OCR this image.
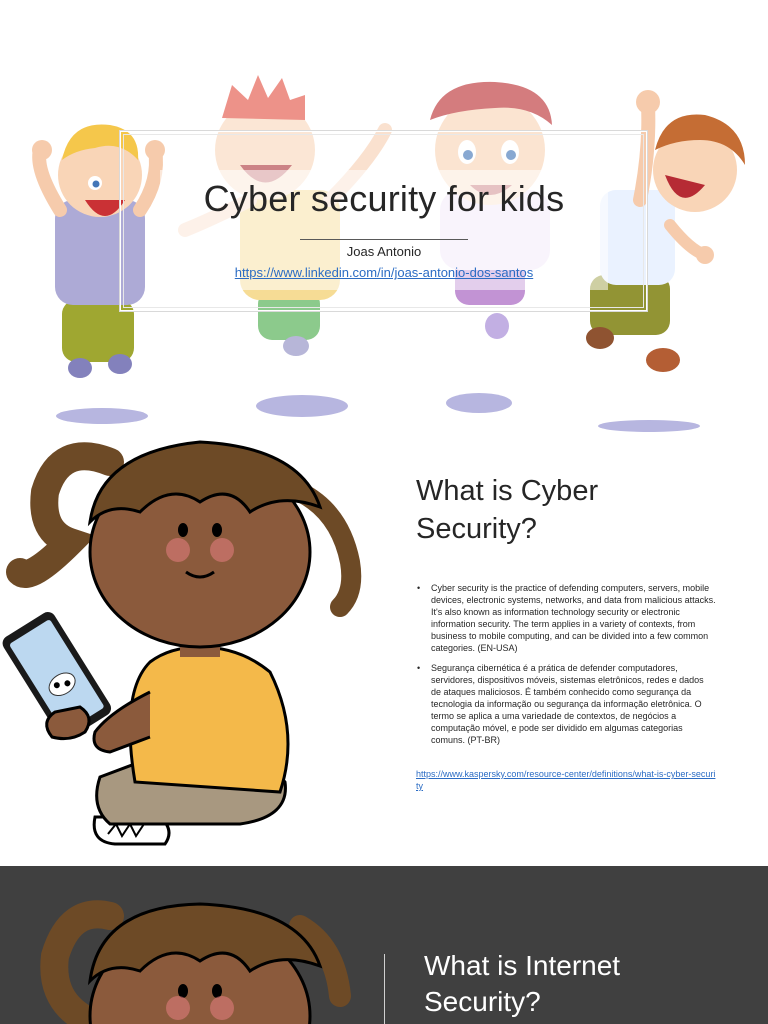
Cyber security for kids
Joas Antonio
https://www.linkedin.com/in/joas-antonio-dos-santos
What is Cyber
Security?
• Cyber security is the practice of defending computers, servers, mobile devices, electronic systems, networks, and data from malicious attacks. It's also known as information technology security or electronic information security. The term applies in a variety of contexts, from business to mobile computing, and can be divided into a few common categories. (EN-USA)
• Segurança cibernética é a prática de defender computadores, servidores, dispositivos móveis, sistemas eletrônicos, redes e dados de ataques maliciosos. É também conhecido como segurança da tecnologia da informação ou segurança da informação eletrônica. O termo se aplica a uma variedade de contextos, de negócios a computação móvel, e pode ser dividido em algumas categorias comuns. (PT-BR)
https://www.kaspersky.com/resource-center/definitions/what-is-cyber-security
What is Internet
Security?
